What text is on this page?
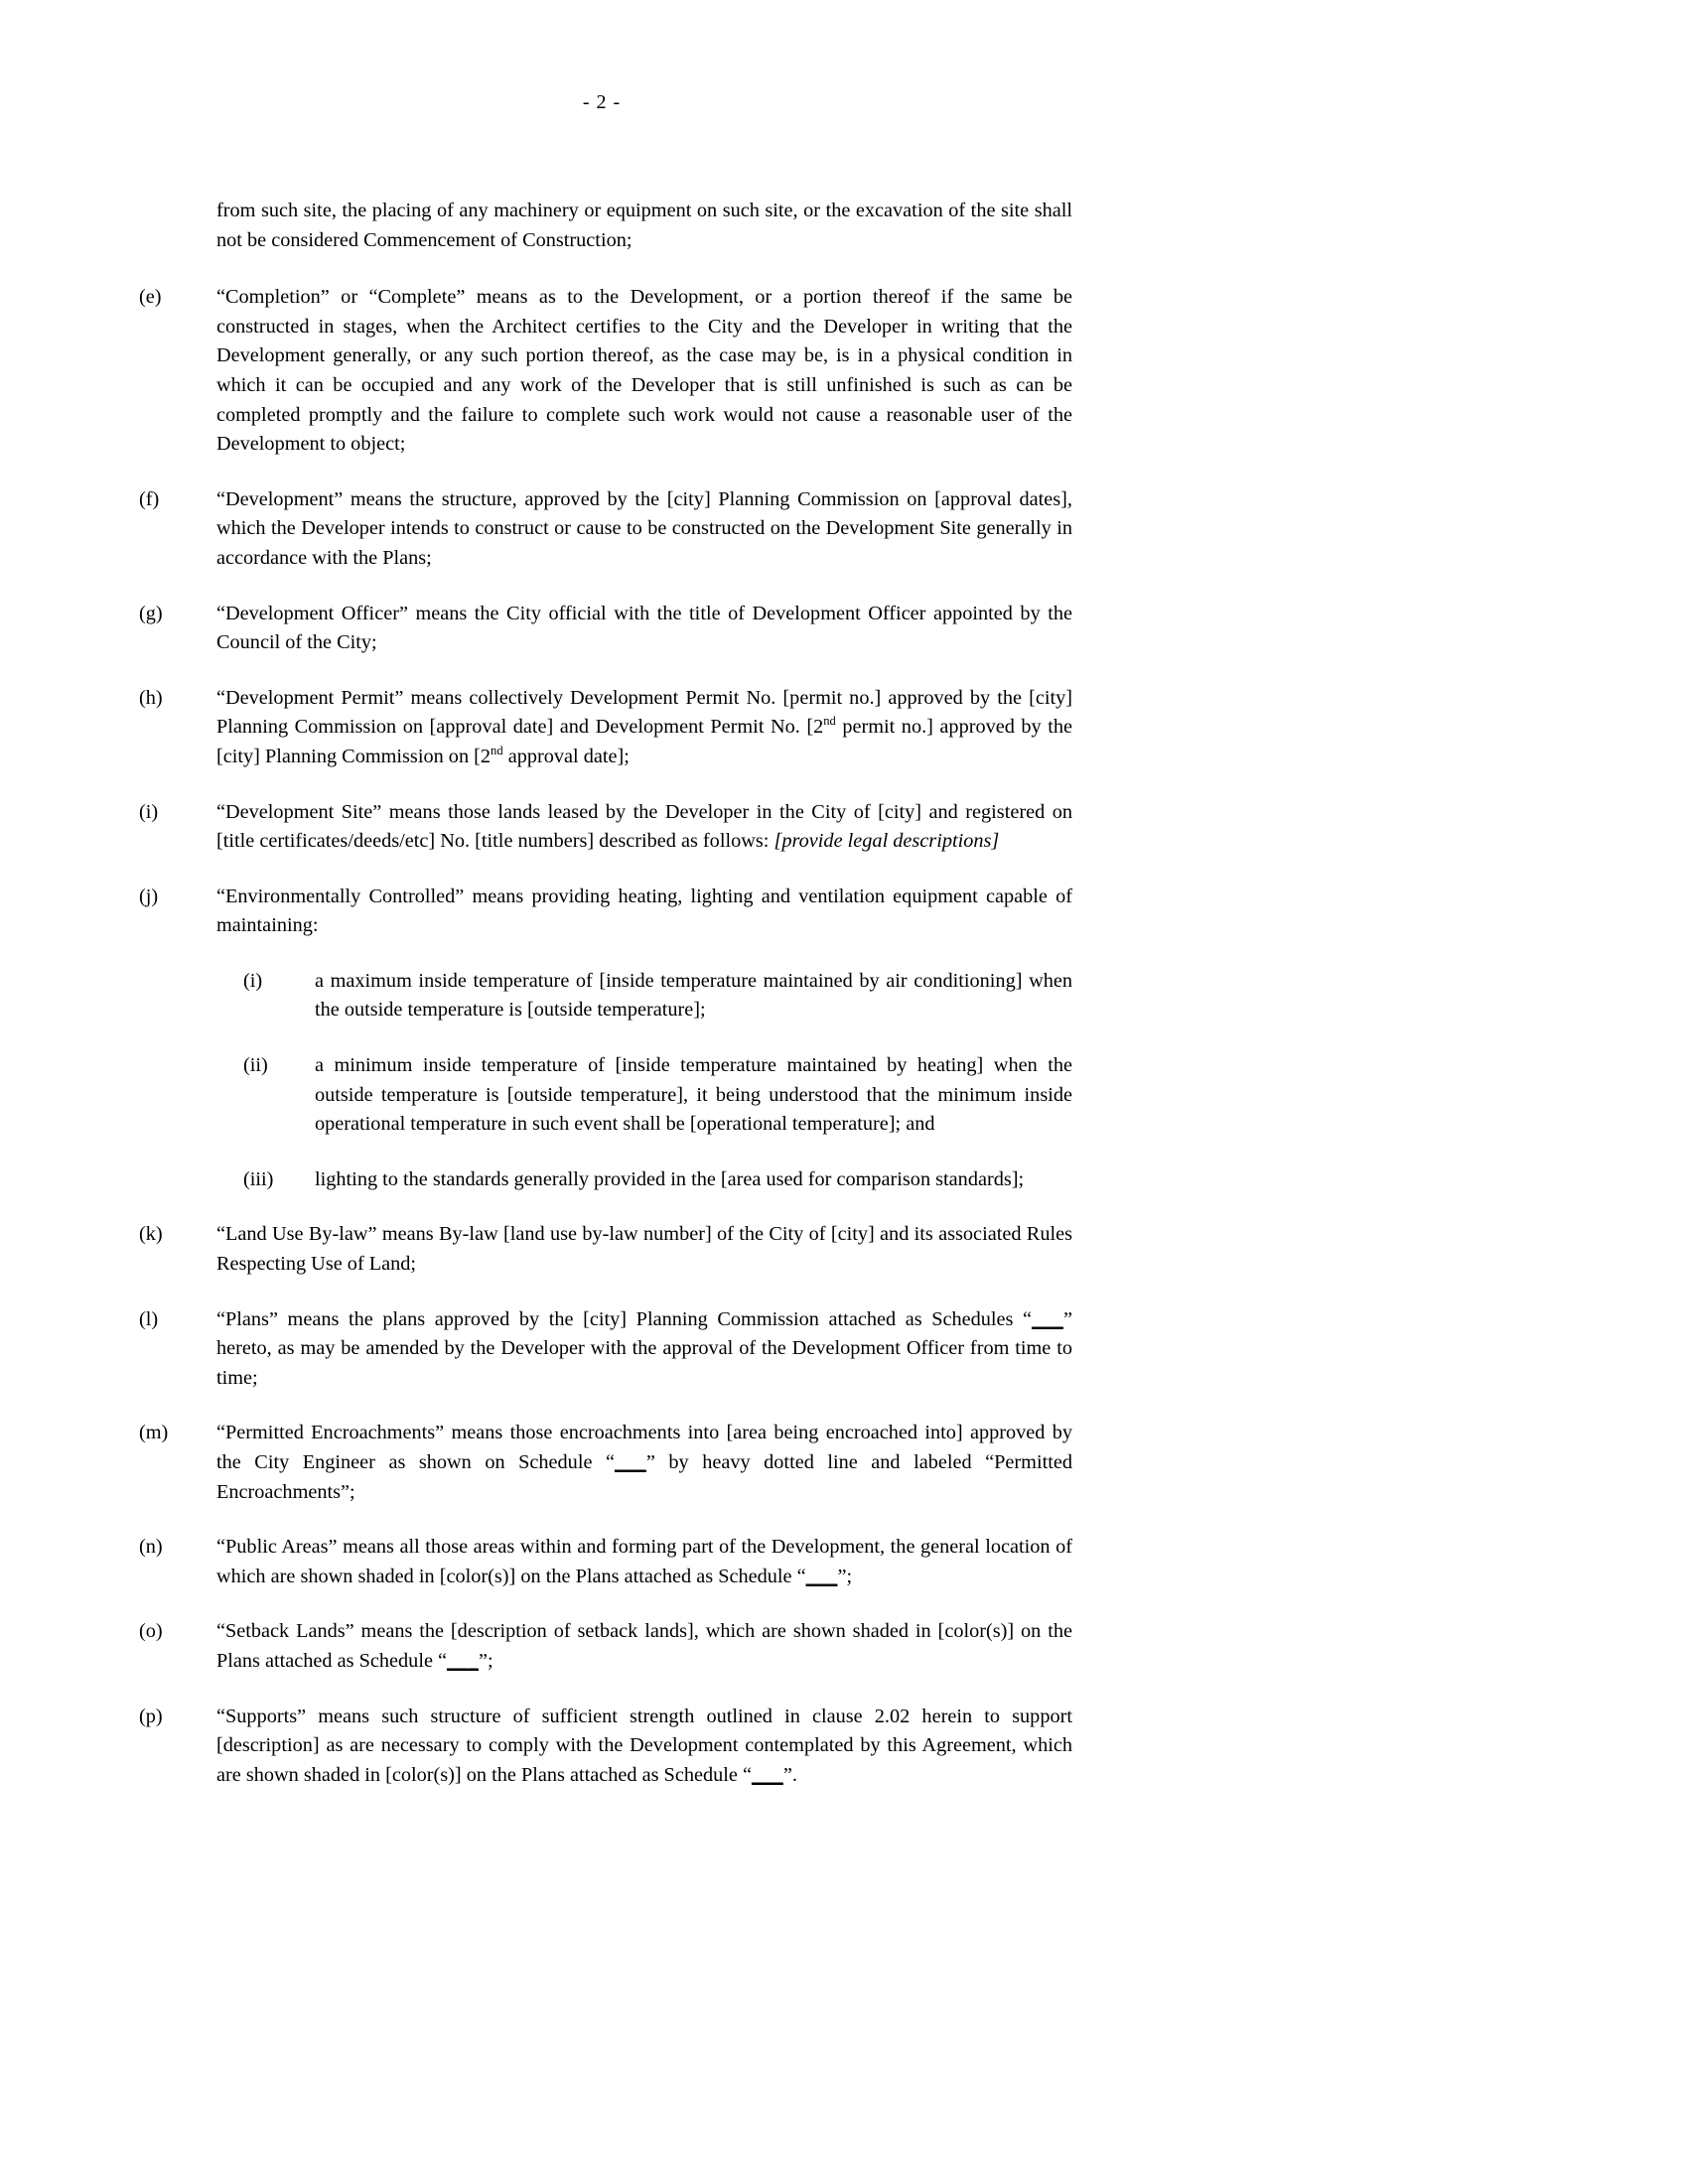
- 2 -
from such site, the placing of any machinery or equipment on such site, or the excavation of the site shall not be considered Commencement of Construction;
(e)	“Completion” or “Complete” means as to the Development, or a portion thereof if the same be constructed in stages, when the Architect certifies to the City and the Developer in writing that the Development generally, or any such portion thereof, as the case may be, is in a physical condition in which it can be occupied and any work of the Developer that is still unfinished is such as can be completed promptly and the failure to complete such work would not cause a reasonable user of the Development to object;
(f)	“Development” means the structure, approved by the [city] Planning Commission on [approval dates], which the Developer intends to construct or cause to be constructed on the Development Site generally in accordance with the Plans;
(g)	“Development Officer” means the City official with the title of Development Officer appointed by the Council of the City;
(h)	“Development Permit” means collectively Development Permit No. [permit no.] approved by the [city] Planning Commission on [approval date] and Development Permit No. [2nd permit no.] approved by the [city] Planning Commission on [2nd approval date];
(i)	“Development Site” means those lands leased by the Developer in the City of [city] and registered on [title certificates/deeds/etc] No. [title numbers] described as follows: [provide legal descriptions]
(j)	“Environmentally Controlled” means providing heating, lighting and ventilation equipment capable of maintaining:
(i)	a maximum inside temperature of [inside temperature maintained by air conditioning] when the outside temperature is [outside temperature];
(ii)	a minimum inside temperature of [inside temperature maintained by heating] when the outside temperature is [outside temperature], it being understood that the minimum inside operational temperature in such event shall be [operational temperature]; and
(iii)	lighting to the standards generally provided in the [area used for comparison standards];
(k)	“Land Use By-law” means By-law [land use by-law number] of the City of [city] and its associated Rules Respecting Use of Land;
(l)	“Plans” means the plans approved by the [city] Planning Commission attached as Schedules “___” hereto, as may be amended by the Developer with the approval of the Development Officer from time to time;
(m)	“Permitted Encroachments” means those encroachments into [area being encroached into] approved by the City Engineer as shown on Schedule “___” by heavy dotted line and labeled “Permitted Encroachments”;
(n)	“Public Areas” means all those areas within and forming part of the Development, the general location of which are shown shaded in [color(s)] on the Plans attached as Schedule “___”;
(o)	“Setback Lands” means the [description of setback lands], which are shown shaded in [color(s)] on the Plans attached as Schedule “___”;
(p)	“Supports” means such structure of sufficient strength outlined in clause 2.02 herein to support [description] as are necessary to comply with the Development contemplated by this Agreement, which are shown shaded in [color(s)] on the Plans attached as Schedule “___”.
